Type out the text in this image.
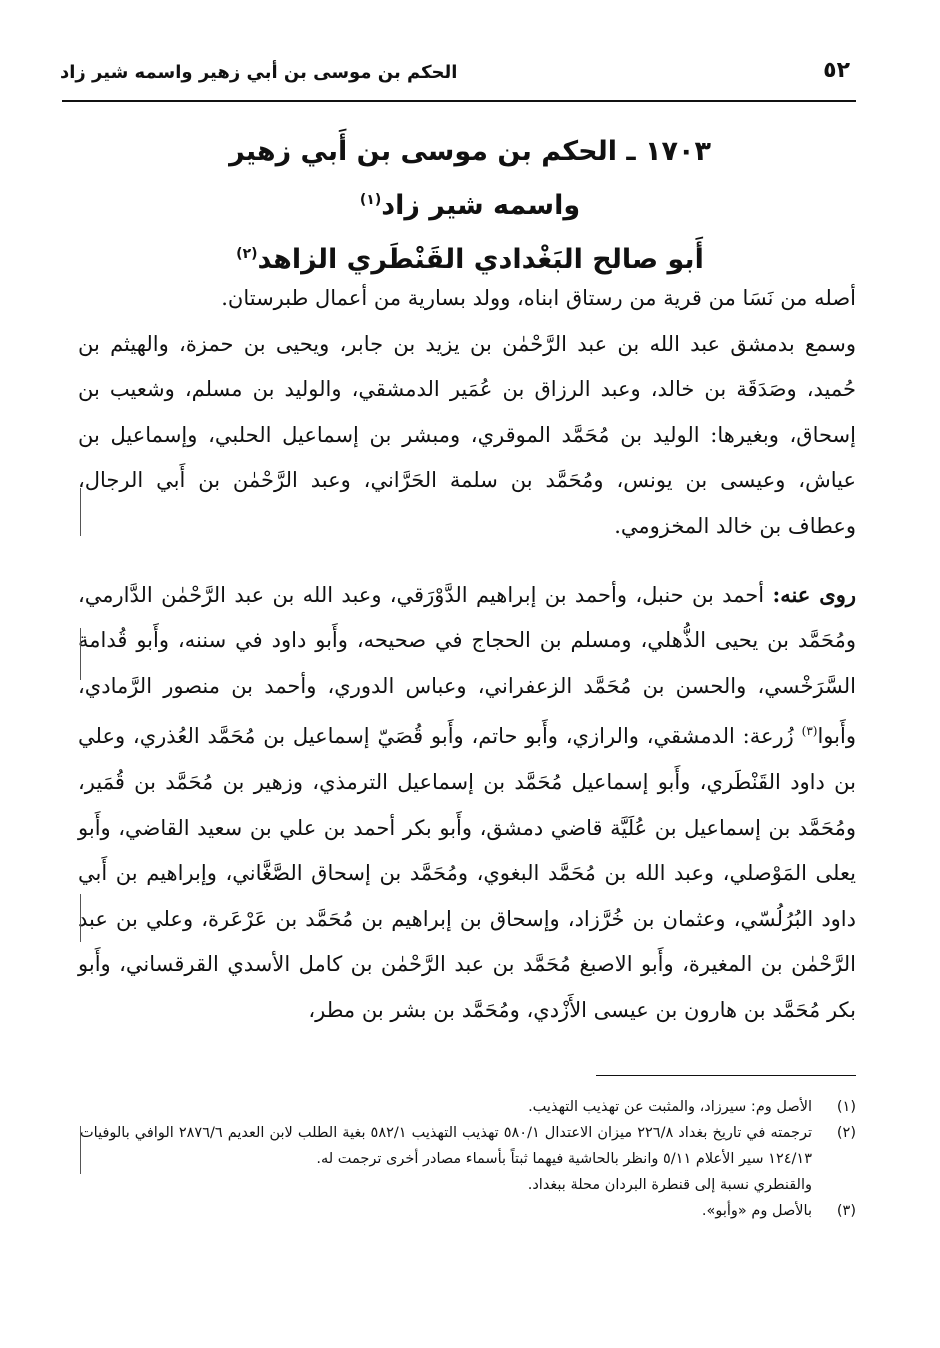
الحكم بن موسى بن أبي زهير واسمه شير زاد	٥٢
١٧٠٣ ـ الحكم بن موسى بن أَبي زهير
واسمه شير زاد$^{(١)}$
أَبو صالح البَغْدادي القَنْطَري الزاهد$^{(٢)}$

أصله من نَسَا من قرية من رستاق ابناه، وولد بسارية من أعمال طبرستان.

وسمع بدمشق عبد الله بن عبد الرَّحْمٰن بن يزيد بن جابر، ويحيى بن حمزة، والهيثم بن حُميد، وصَدَقَة بن خالد، وعبد الرزاق بن عُمَير الدمشقي، والوليد بن مسلم، وشعيب بن إسحاق، وبغيرها: الوليد بن مُحَمَّد الموقري، ومبشر بن إسماعيل الحلبي، وإسماعيل بن عياش، وعيسى بن يونس، ومُحَمَّد بن سلمة الحَرَّاني، وعبد الرَّحْمٰن بن أَبي الرجال، وعطاف بن خالد المخزومي.

روى عنه: أحمد بن حنبل، وأحمد بن إبراهيم الدَّوْرَقي، وعبد الله بن عبد الرَّحْمٰن الدَّارمي، ومُحَمَّد بن يحيى الذُّهلي، ومسلم بن الحجاج في صحيحه، وأَبو داود في سننه، وأَبو قُدامة السَّرَخْسي، والحسن بن مُحَمَّد الزعفراني، وعباس الدوري، وأحمد بن منصور الرَّمادي، وأَبوا$^{(٣)}$ زُرعة: الدمشقي، والرازي، وأَبو حاتم، وأَبو قُصَيّ إسماعيل بن مُحَمَّد العُذري، وعلي بن داود القَنْطَري، وأَبو إسماعيل مُحَمَّد بن إسماعيل الترمذي، وزهير بن مُحَمَّد بن قُمَير، ومُحَمَّد بن إسماعيل بن عُلَيَّة قاضي دمشق، وأَبو بكر أحمد بن علي بن سعيد القاضي، وأَبو يعلى المَوْصلي، وعبد الله بن مُحَمَّد البغوي، ومُحَمَّد بن إسحاق الصَّغَّاني، وإبراهيم بن أَبي داود البُرُلُسّي، وعثمان بن خُرَّزاد، وإسحاق بن إبراهيم بن مُحَمَّد بن عَرْعَرة، وعلي بن عبد الرَّحْمٰن بن المغيرة، وأَبو الاصبغ مُحَمَّد بن عبد الرَّحْمٰن بن كامل الأسدي القرقساني، وأَبو بكر مُحَمَّد بن هارون بن عيسى الأَزْدي، ومُحَمَّد بن بشر بن مطر،

(١)
الأصل وم: سيرزاد، والمثبت عن تهذيب التهذيب.
(٢)
ترجمته في تاريخ بغداد ٢٢٦/٨ ميزان الاعتدال ٥٨٠/١ تهذيب التهذيب ٥٨٢/١ بغية الطلب لابن العديم ٢٨٧٦/٦ الوافي بالوفيات ١٢٤/١٣ سير الأعلام ٥/١١ وانظر بالحاشية فيهما ثبتاً بأسماء مصادر أخرى ترجمت له.
والقنطري نسبة إلى قنطرة البردان محلة ببغداد.
(٣)
بالأصل وم «وأبو».
